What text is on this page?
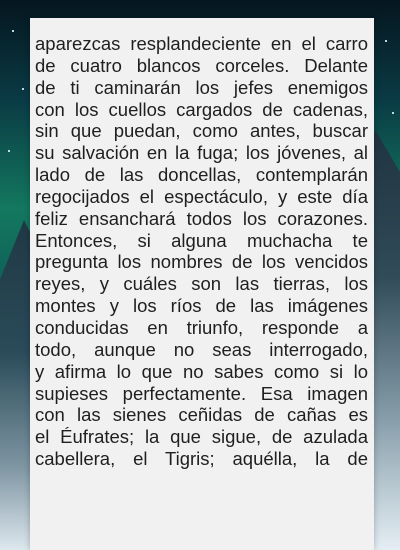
aparezcas resplandeciente en el carro
de cuatro blancos corceles. Delante
de ti caminarán los jefes enemigos
con los cuellos cargados de cadenas,
sin que puedan, como antes, buscar
su salvación en la fuga; los jóvenes, al
lado de las doncellas, contemplarán
regocijados el espectáculo, y este día
feliz ensanchará todos los corazones.
Entonces, si alguna muchacha te
pregunta los nombres de los vencidos
reyes, y cuáles son las tierras, los
montes y los ríos de las imágenes
conducidas en triunfo, responde a
todo, aunque no seas interrogado,
y afirma lo que no sabes como si lo
supieses perfectamente. Esa imagen
con las sienes ceñidas de cañas es
el Éufrates; la que sigue, de azulada
cabellera, el Tigris; aquélla, la de
